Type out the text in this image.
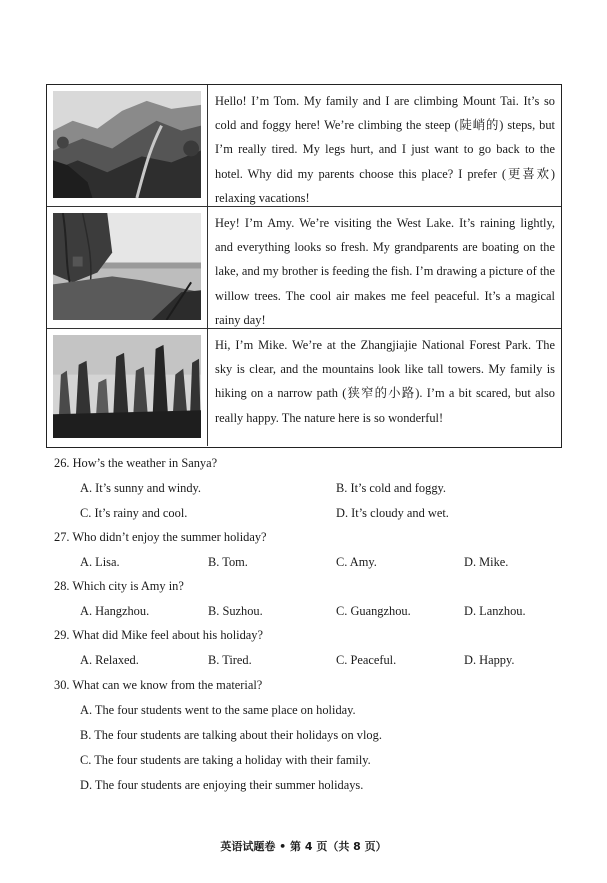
Hello! I’m Tom. My family and I are climbing Mount Tai. It’s so cold and foggy here! We’re climbing the steep (陡峭的) steps, but I’m really tired. My legs hurt, and I just want to go back to the hotel. Why did my parents choose this place? I prefer (更喜欢) relaxing vacations!
Hey! I’m Amy. We’re visiting the West Lake. It’s raining lightly, and everything looks so fresh. My grandparents are boating on the lake, and my brother is feeding the fish. I’m drawing a picture of the willow trees. The cool air makes me feel peaceful. It’s a magical rainy day!
Hi, I’m Mike. We’re at the Zhangjiajie National Forest Park. The sky is clear, and the mountains look like tall towers. My family is hiking on a narrow path (狭窄的小路). I’m a bit scared, but also really happy. The nature here is so wonderful!
26. How’s the weather in Sanya?
A. It’s sunny and windy.	B. It’s cold and foggy.
C. It’s rainy and cool.	D. It’s cloudy and wet.
27. Who didn’t enjoy the summer holiday?
A. Lisa.	B. Tom.	C. Amy.	D. Mike.
28. Which city is Amy in?
A. Hangzhou.	B. Suzhou.	C. Guangzhou.	D. Lanzhou.
29. What did Mike feel about his holiday?
A. Relaxed.	B. Tired.	C. Peaceful.	D. Happy.
30. What can we know from the material?
A. The four students went to the same place on holiday.
B. The four students are talking about their holidays on vlog.
C. The four students are taking a holiday with their family.
D. The four students are enjoying their summer holidays.
英语试题卷 • 第 4 页（共 8 页）
